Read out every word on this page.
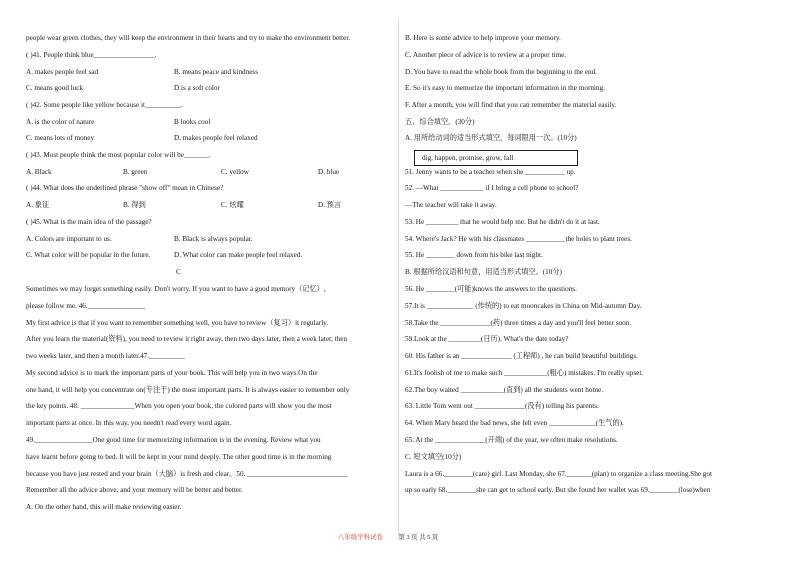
people wear green clothes, they will keep the environment in their hearts and try to make the environment better.
( )41. People think blue_________________.
A. makes people feel sad	B. means peace and kindness
C. means good luck	D.is a soft color
( )42. Some people like yellow because it__________.
A. is the color of nature	B looks cool
C. means lots of money	D. makes people feel relaxed
( )43. Most people think the most popular color will be_______.
A. Black	B. green	C. yellow	D. blue
( )44. What does the underlined phrase "show off" mean in Chinese?
A. 象征	B. 得到	C. 炫耀	D. 预言
( )45. What is the main idea of the passage?
A. Colors are important to us.	B. Black is always popular.
C. What color will be popular in the future.	D. What color can make people feel relaxed.
C
Sometimes we may forget something easily. Don't worry. If you want to have a good memory（记忆）,
please follow me. 46.________________
My first advice is that if you want to remember something well, you have to review（复习）it regularly.
After you learn the material(资料), you need to review it right away, then two days later, then a week later, then
two weeks later, and then a month later.47.__________
My second advice is to mark the important parts of your book. This will help you in two ways.On the
one hand, it will help you concentrate on(专注于) the most important parts. It is always easier to remember only
the key points. 48. _______________When you open your book, the colored parts will show you the most
important parts at once. In this way, you needn't read every word again.
49.________________One good time for memorizing information is in the evening. Review what you
have learnt before going to bed. It will be kept in your mind deeply. The other good time is in the morning
because you have just rested and your brain（大脑）is fresh and clear。50. ____________________________
Remember all the advice above, and your memory will be better and better.
A. On the other hand, this will make reviewing easier.
B. Here is some advice to help improve your memory.
C. Another piece of advice is to review at a proper time.
D. You have to read the whole book from the beginning to the end.
E. So it's easy to memorize the important information in the morning.
F. After a month, you will find that you can remember the material easily.
五、综合填空。(30分)
A. 用所给动词的适当形式填空，每词限用一次。(10分)
51. Jenny wants to be a teacher when she ___________ up.
52. —What ____________ if I bring a cell phone to school?
—The teacher will take it away.
53. He _________ that he would help me. But he didn't do it at last.
54. Where's Jack? He with his classmates ___________the holes to plant trees.
55. He ________ down from his bike last night.
B. 根据所给汉语和句意，用适当形式填空。(10分)
56. He ________(可能)knows the answers to the questions.
57.It is _____________ (传统的) to eat mooncakes in China on Mid-autumn Day.
58.Take the ______________(药) three times a day and you'll feel better soon.
59.Look at the _________(日历). What's the date today?
60. His father is an ______________ (工程师) , he can build beautiful buildings.
61.It's foolish of me to make such ____________(粗心) mistakes. I'm really upset.
62.The boy waited ____________(直到) all the students went home.
63. Little Tom went out ______________(没有) telling his parents.
64. When Mary heard the bad news, she felt even _____________(生气的).
65. At the ______________(开端) of the year, we often make resolutions.
C. 短文填空(10分)
Laura is a 66.________(care) girl. Last Monday, she 67._______(plan) to organize a class meeting.She got
up so early 68.________she can get to school early. But she found her wallet was 69.________(lose)when
dig, happen, promise, grow, fall
八年级学科试卷 第 3 页 共 5 页
